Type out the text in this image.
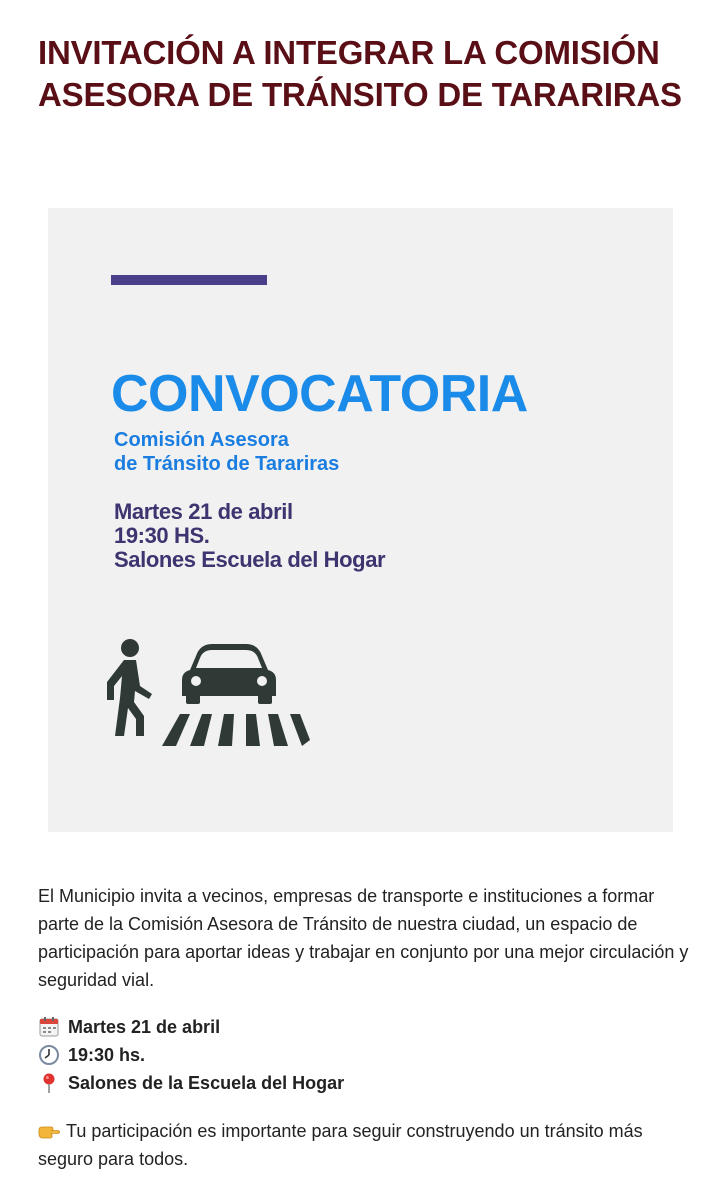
INVITACIÓN A INTEGRAR LA COMISIÓN ASESORA DE TRÁNSITO DE TARARIRAS
CONVOCATORIA
Comisión Asesora
de Tránsito de Tarariras
Martes 21 de abril
19:30 HS.
Salones Escuela del Hogar

El Municipio invita a vecinos, empresas de transporte e instituciones a formar parte de la Comisión Asesora de Tránsito de nuestra ciudad, un espacio de participación para aportar ideas y trabajar en conjunto por una mejor circulación y seguridad vial.

Martes 21 de abril
19:30 hs.
Salones de la Escuela del Hogar

Tu participación es importante para seguir construyendo un tránsito más seguro para todos.
